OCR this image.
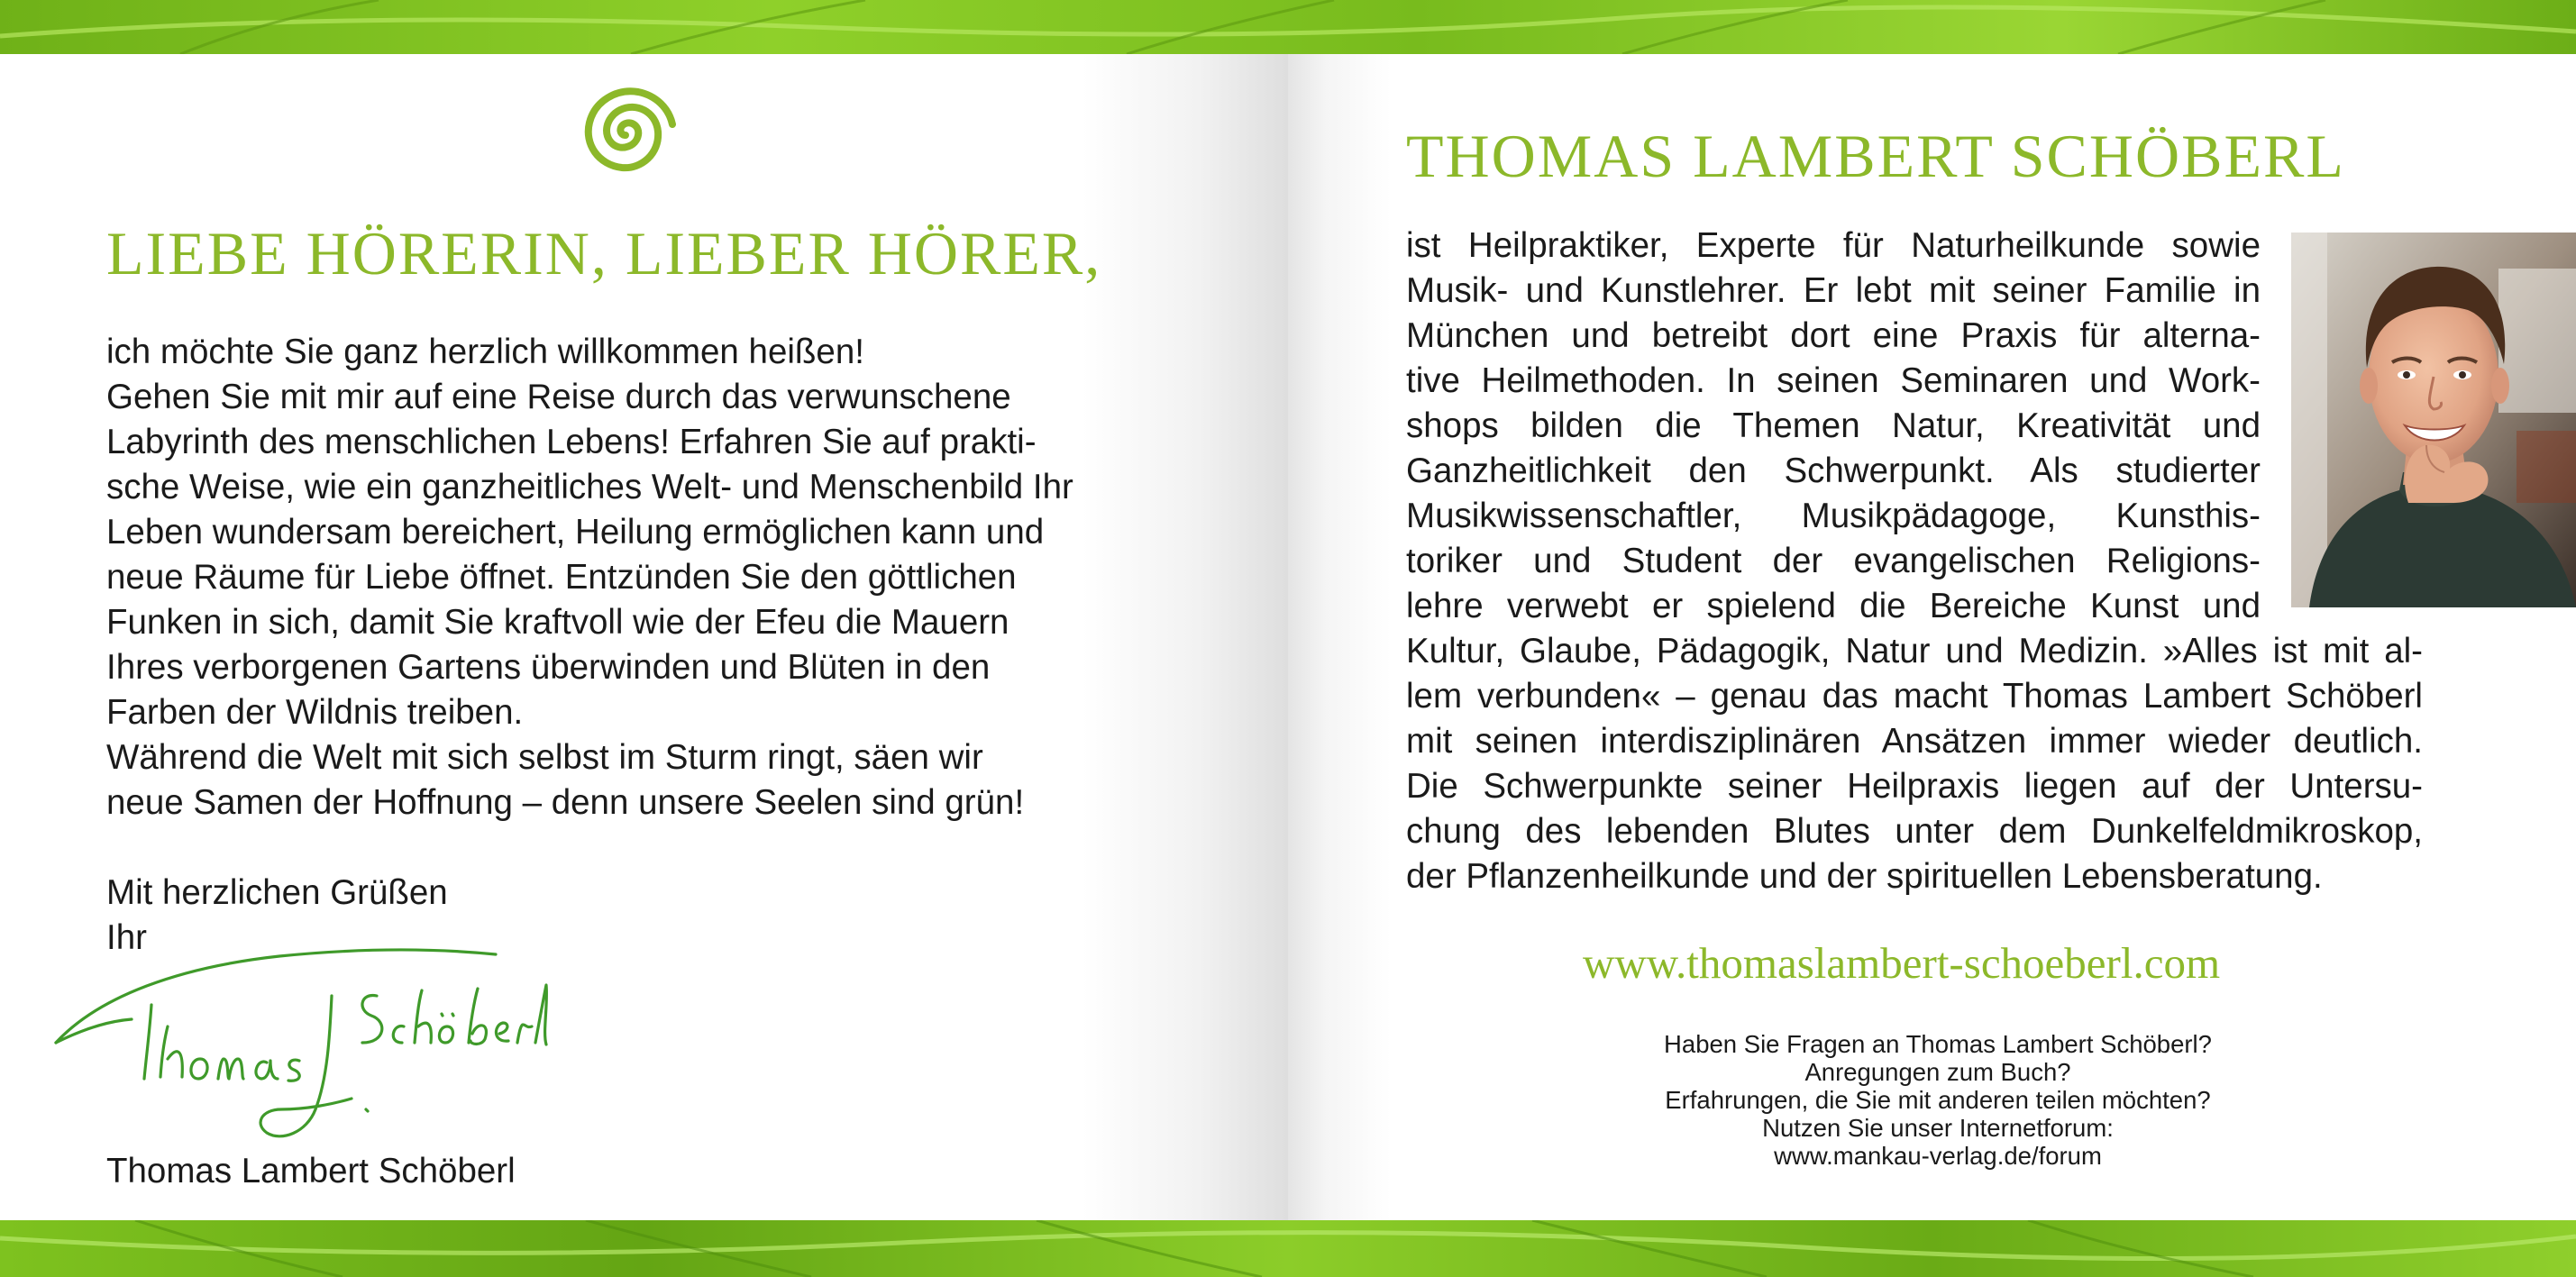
LIEBE HÖRERIN, LIEBER HÖRER,
ich möchte Sie ganz herzlich willkommen heißen!
Gehen Sie mit mir auf eine Reise durch das verwunschene
Labyrinth des menschlichen Lebens! Erfahren Sie auf prakti-
sche Weise, wie ein ganzheitliches Welt- und Menschenbild Ihr
Leben wundersam bereichert, Heilung ermöglichen kann und
neue Räume für Liebe öffnet. Entzünden Sie den göttlichen
Funken in sich, damit Sie kraftvoll wie der Efeu die Mauern
Ihres verborgenen Gartens überwinden und Blüten in den
Farben der Wildnis treiben.
Während die Welt mit sich selbst im Sturm ringt, säen wir
neue Samen der Hoffnung – denn unsere Seelen sind grün!
Mit herzlichen Grüßen
Ihr
Thomas Lambert Schöberl
THOMAS LAMBERT SCHÖBERL
ist Heilpraktiker, Experte für Naturheilkunde sowie
Musik- und Kunstlehrer. Er lebt mit seiner Familie in
München und betreibt dort eine Praxis für alterna-
tive Heilmethoden. In seinen Seminaren und Work-
shops bilden die Themen Natur, Kreativität und
Ganzheitlichkeit den Schwerpunkt. Als studierter
Musikwissenschaftler, Musikpädagoge, Kunsthis-
toriker und Student der evangelischen Religions-
lehre verwebt er spielend die Bereiche Kunst und
Kultur, Glaube, Pädagogik, Natur und Medizin. »Alles ist mit al-
lem verbunden« – genau das macht Thomas Lambert Schöberl
mit seinen interdisziplinären Ansätzen immer wieder deutlich.
Die Schwerpunkte seiner Heilpraxis liegen auf der Untersu-
chung des lebenden Blutes unter dem Dunkelfeldmikroskop,
der Pflanzenheilkunde und der spirituellen Lebensberatung.
www.thomaslambert-schoeberl.com
Haben Sie Fragen an Thomas Lambert Schöberl?
Anregungen zum Buch?
Erfahrungen, die Sie mit anderen teilen möchten?
Nutzen Sie unser Internetforum:
www.mankau-verlag.de/forum
